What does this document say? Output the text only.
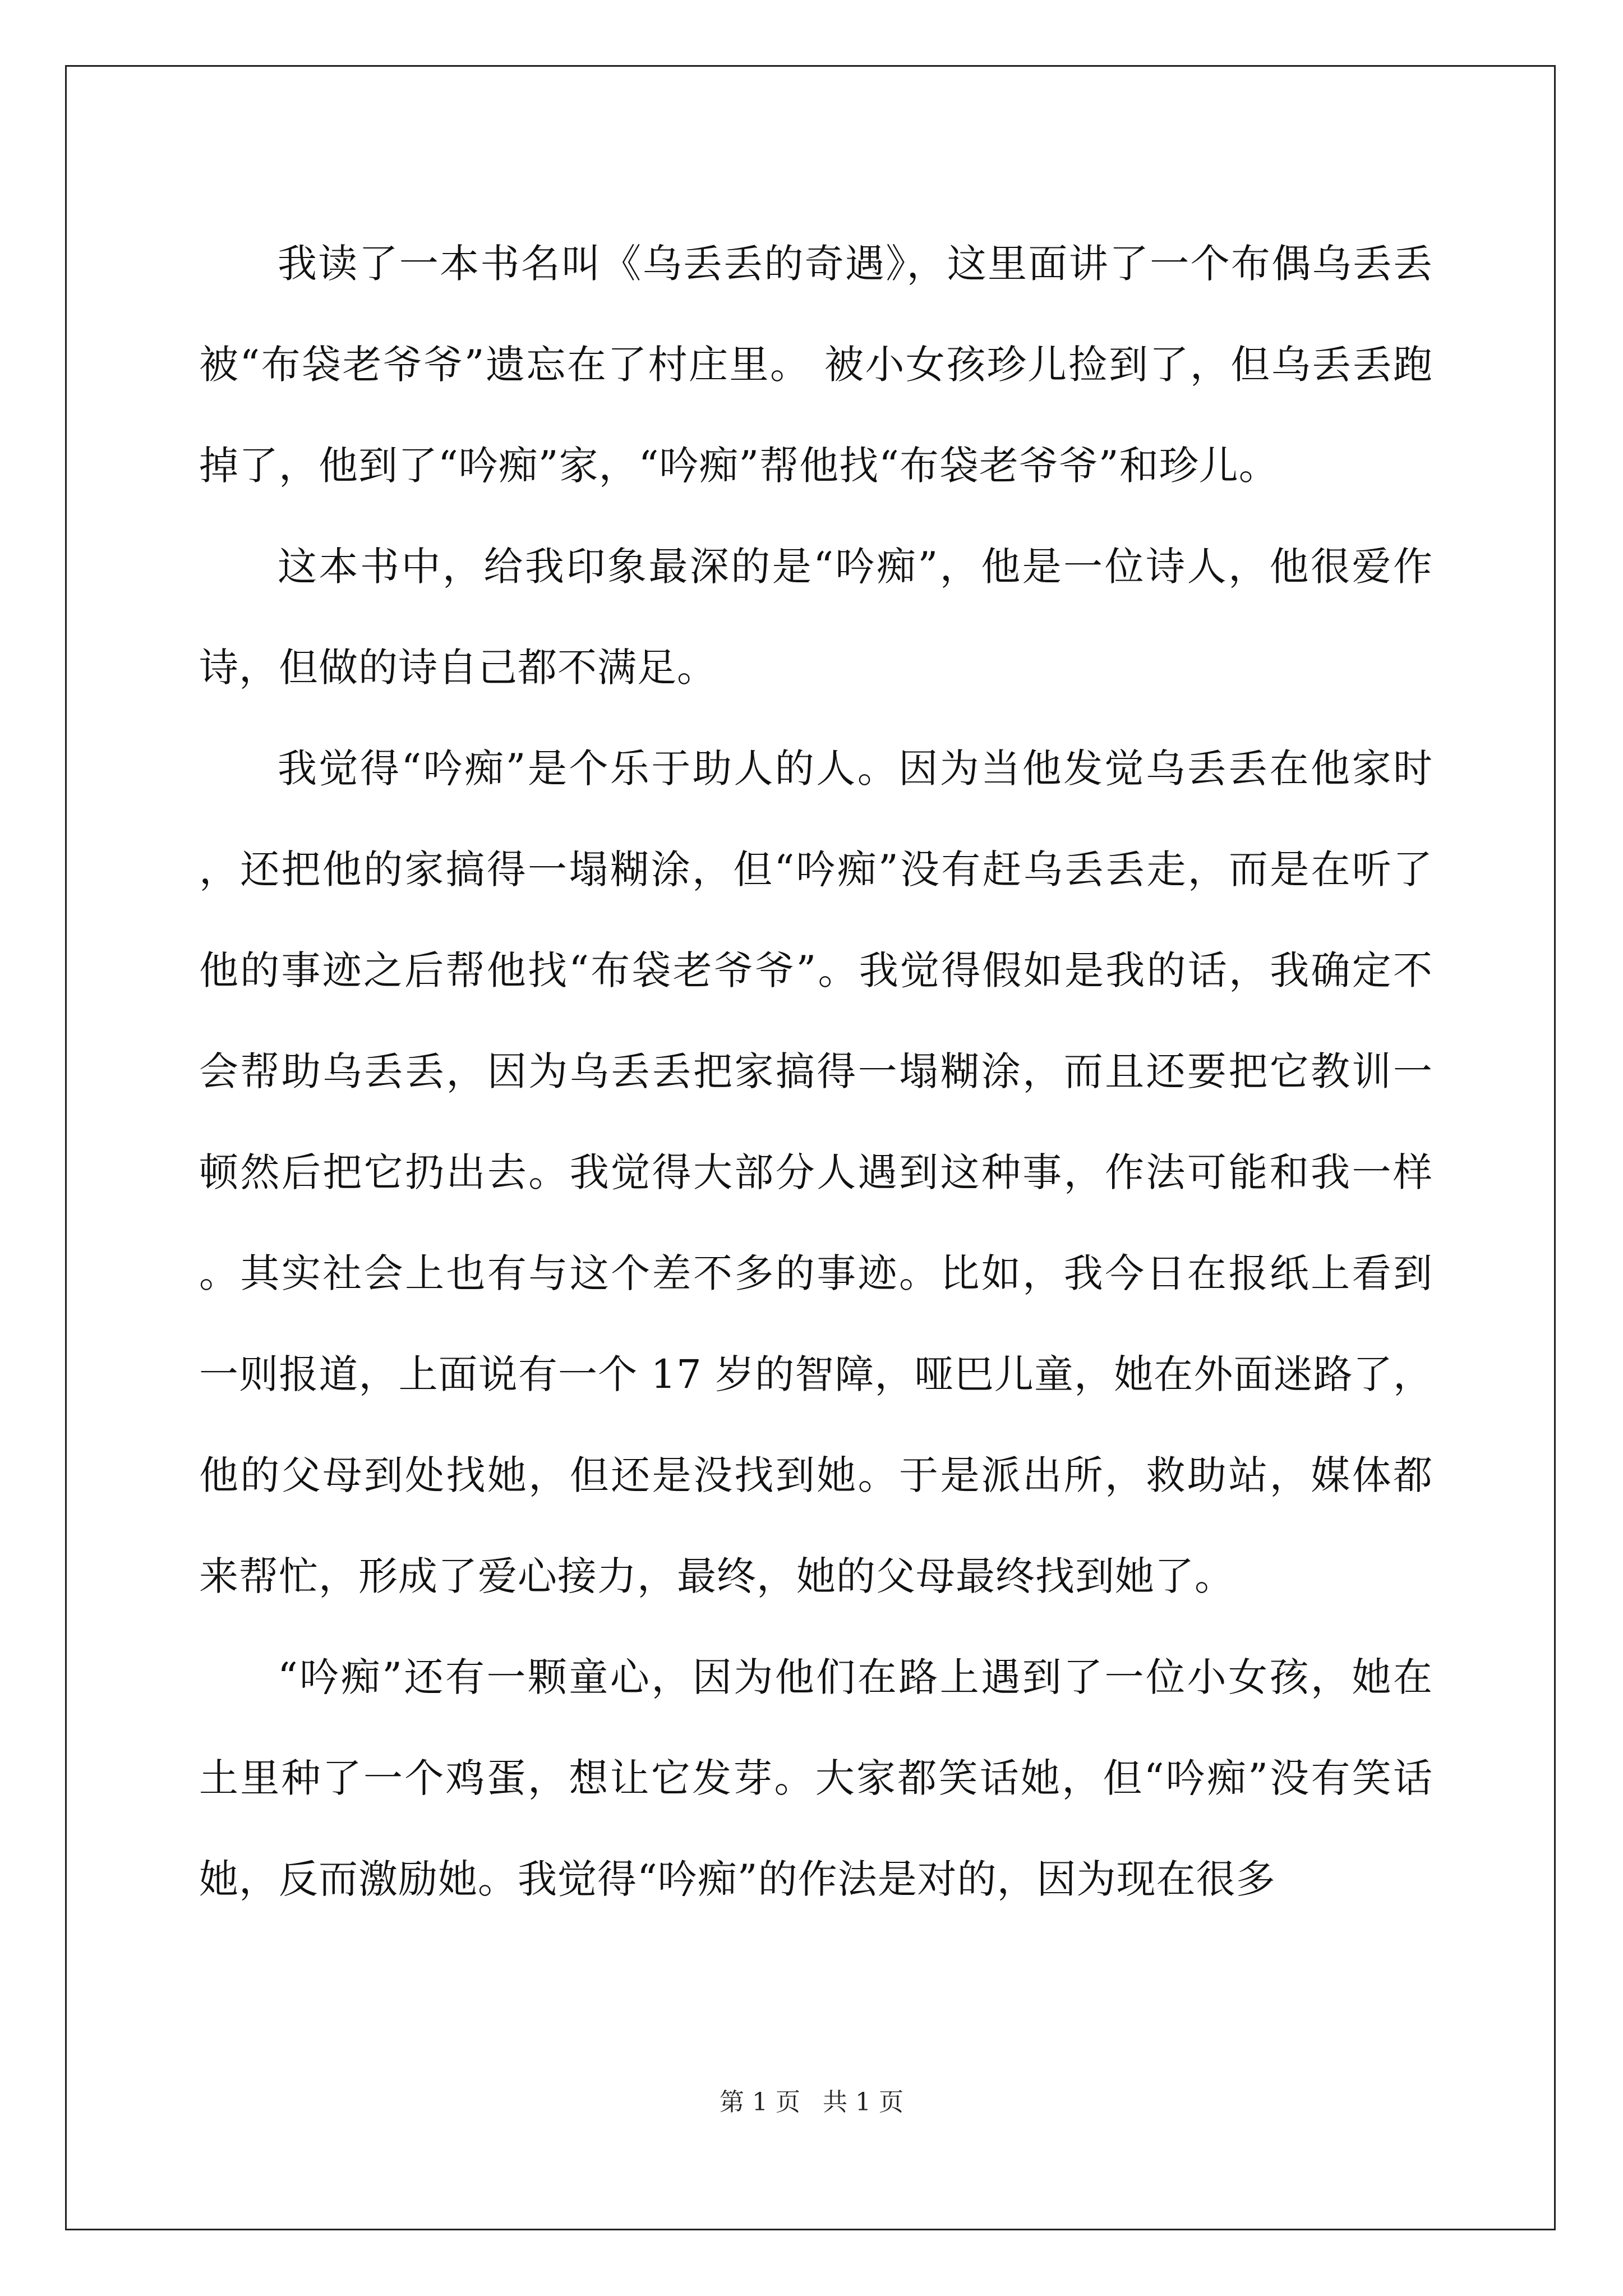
我读了一本书名叫《乌丢丢的奇遇》，这里面讲了一个布偶乌丢丢被“布袋老爷爷”遗忘在了村庄里。 被小女孩珍儿捡到了，但乌丢丢跑掉了，他到了“吟痴”家，“吟痴”帮他找“布袋老爷爷”和珍儿。

这本书中，给我印象最深的是“吟痴”，他是一位诗人，他很爱作诗，但做的诗自己都不满足。

我觉得“吟痴”是个乐于助人的人。因为当他发觉乌丢丢在他家时，还把他的家搞得一塌糊涂，但“吟痴”没有赶乌丢丢走，而是在听了他的事迹之后帮他找“布袋老爷爷”。我觉得假如是我的话，我确定不会帮助乌丢丢，因为乌丢丢把家搞得一塌糊涂，而且还要把它教训一顿然后把它扔出去。我觉得大部分人遇到这种事，作法可能和我一样。其实社会上也有与这个差不多的事迹。比如，我今日在报纸上看到一则报道，上面说有一个 17 岁的智障，哑巴儿童，她在外面迷路了，他的父母到处找她，但还是没找到她。于是派出所，救助站，媒体都来帮忙，形成了爱心接力，最终，她的父母最终找到她了。

“吟痴”还有一颗童心，因为他们在路上遇到了一位小女孩，她在土里种了一个鸡蛋，想让它发芽。大家都笑话她，但“吟痴”没有笑话她，反而激励她。我觉得“吟痴”的作法是对的，因为现在很多

第 1 页 共 1 页
